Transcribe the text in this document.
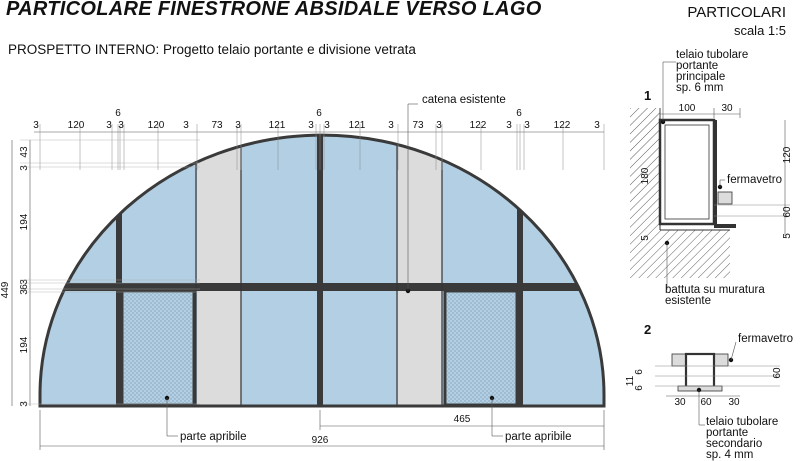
PARTICOLARE FINESTRONE ABSIDALE VERSO LAGO	PARTICOLARI
scala 1:5
PROSPETTO INTERNO: Progetto telaio portante e divisione vetrata
3	120 3
6
3 120 3 73 3	121 3
6
3 121 3 73 3	122 3
6
3 122 3
43
3
194
3
6
3
194
3
449
465
926
catena esistente
parte apribile	parte apribile
1
100	30
120
60
5
180
5
telaio tubolare
portante
principale
sp. 6 mm
fermavetro
battuta su muratura
esistente
2
30 60 30
6
11
6
60
fermavetro
telaio tubolare
portante
secondario
sp. 4 mm
